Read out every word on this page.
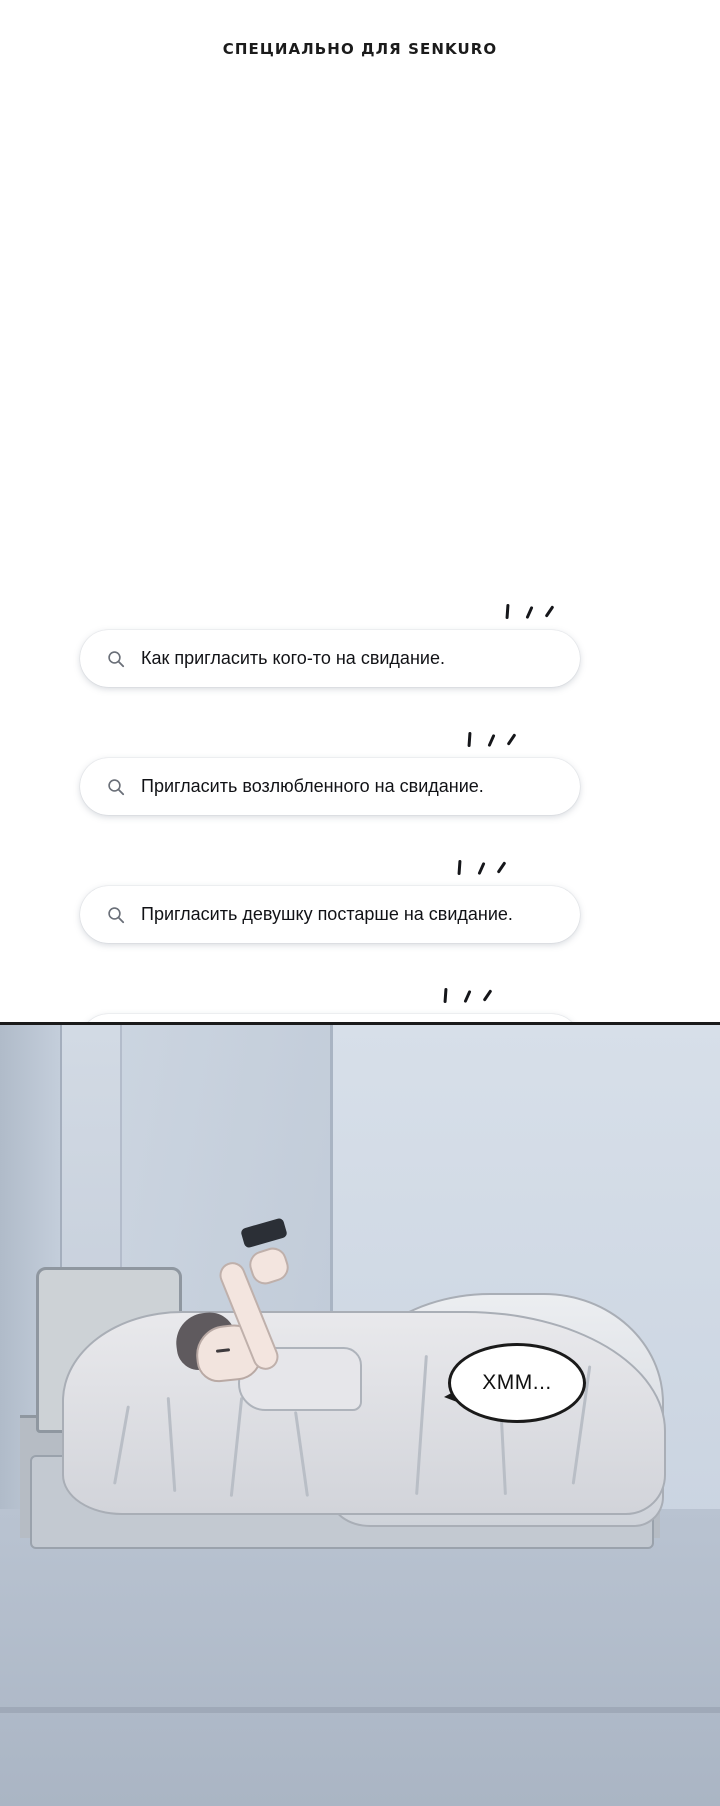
СПЕЦИАЛЬНО ДЛЯ SENKURO
Как пригласить кого-то на свидание.
Пригласить возлюбленного на свидание.
Пригласить девушку постарше на свидание.
ХММ...
